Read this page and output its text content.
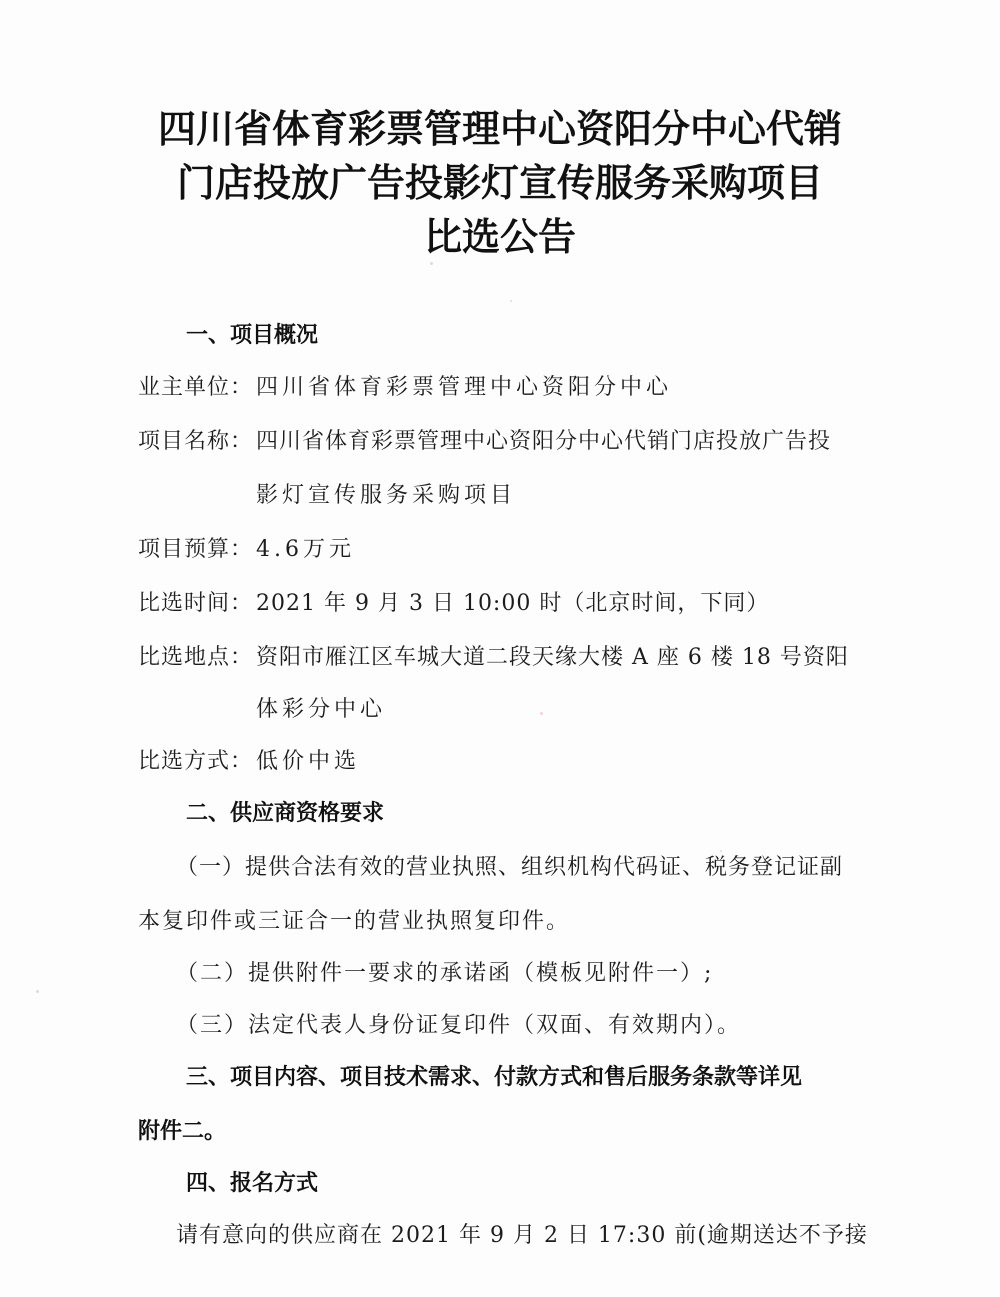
四川省体育彩票管理中心资阳分中心代销
门店投放广告投影灯宣传服务采购项目
比选公告
一、项目概况
业主单位： 四川省体育彩票管理中心资阳分中心
项目名称： 四川省体育彩票管理中心资阳分中心代销门店投放广告投
影灯宣传服务采购项目
项目预算： 4.6万元
比选时间： 2021 年 9 月 3 日 10:00 时（北京时间，下同）
比选地点： 资阳市雁江区车城大道二段天缘大楼 A 座 6 楼 18 号资阳
体彩分中心
比选方式： 低价中选
二、供应商资格要求
（一）提供合法有效的营业执照、组织机构代码证、税务登记证副
本复印件或三证合一的营业执照复印件。
（二）提供附件一要求的承诺函（模板见附件一）;
（三）法定代表人身份证复印件（双面、有效期内）。
三、项目内容、项目技术需求、付款方式和售后服务条款等详见
附件二。
四、报名方式
请有意向的供应商在 2021 年 9 月 2 日 17:30 前(逾期送达不予接
